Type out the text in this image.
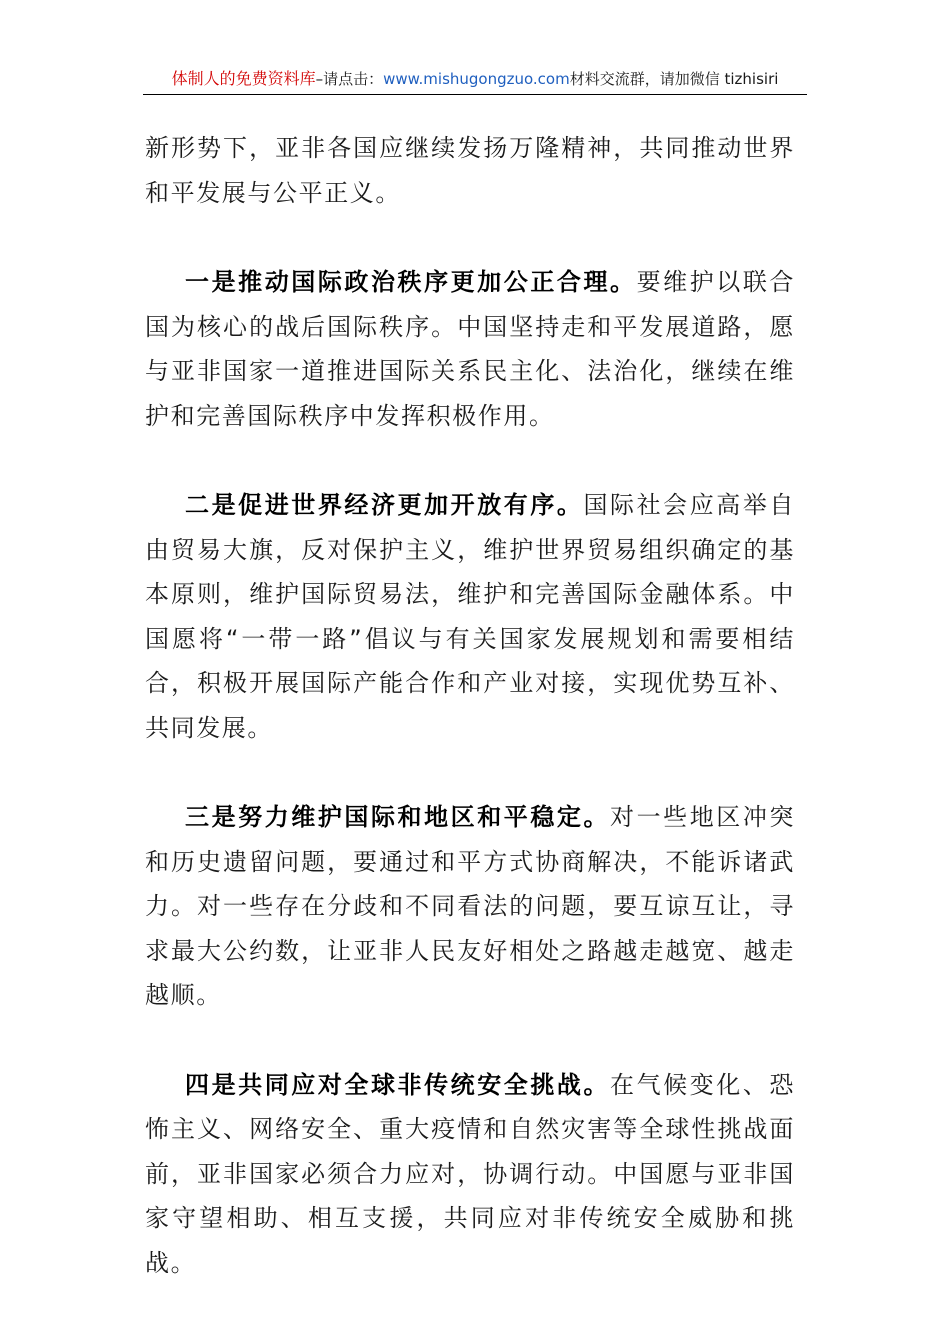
体制人的免费资料库–请点击：www.mishugongzuo.com材料交流群，请加微信 tizhisiri

新形势下，亚非各国应继续发扬万隆精神，共同推动世界和平发展与公平正义。

一是推动国际政治秩序更加公正合理。要维护以联合国为核心的战后国际秩序。中国坚持走和平发展道路，愿与亚非国家一道推进国际关系民主化、法治化，继续在维护和完善国际秩序中发挥积极作用。

二是促进世界经济更加开放有序。国际社会应高举自由贸易大旗，反对保护主义，维护世界贸易组织确定的基本原则，维护国际贸易法，维护和完善国际金融体系。中国愿将“一带一路”倡议与有关国家发展规划和需要相结合，积极开展国际产能合作和产业对接，实现优势互补、共同发展。

三是努力维护国际和地区和平稳定。对一些地区冲突和历史遗留问题，要通过和平方式协商解决，不能诉诸武力。对一些存在分歧和不同看法的问题，要互谅互让，寻求最大公约数，让亚非人民友好相处之路越走越宽、越走越顺。

四是共同应对全球非传统安全挑战。在气候变化、恐怖主义、网络安全、重大疫情和自然灾害等全球性挑战面前，亚非国家必须合力应对，协调行动。中国愿与亚非国家守望相助、相互支援，共同应对非传统安全威胁和挑战。
